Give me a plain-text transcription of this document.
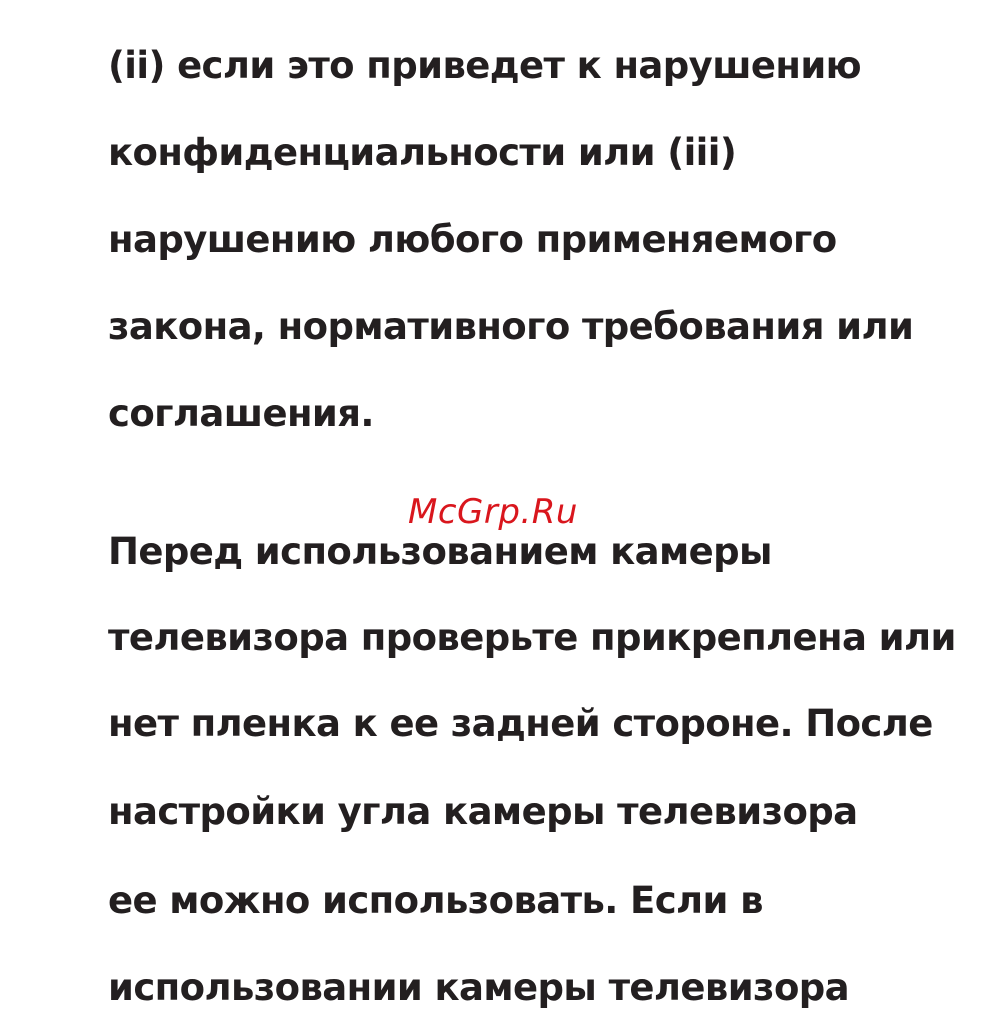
(ii) если это приведет к нарушению

конфиденциальности или (iii)

нарушению любого применяемого

закона, нормативного требования или

соглашения.

McGrp.Ru

Перед использованием камеры

телевизора проверьте прикреплена или

нет пленка к ее задней стороне. После

настройки угла камеры телевизора

ее можно использовать. Если в

использовании камеры телевизора
